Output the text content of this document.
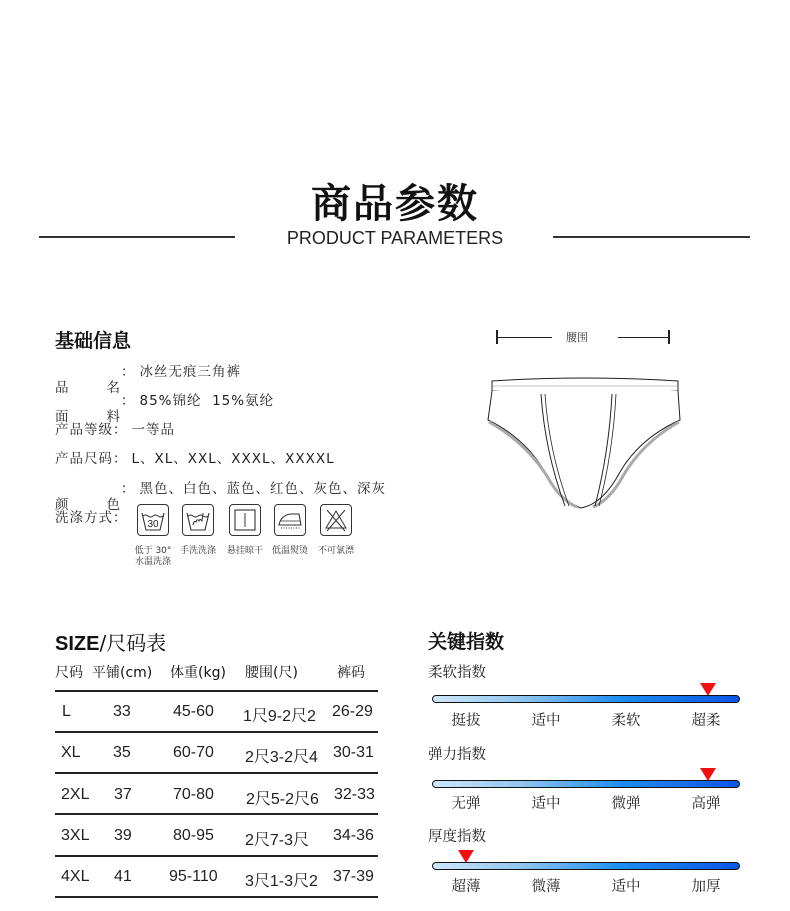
商品参数
PRODUCT PARAMETERS
基础信息
品	名
： 冰丝无痕三角裤
面	料
： 85%锦纶  15%氨纶
产品等级： 一等品
产品尺码： L、XL、XXL、XXXL、XXXXL
颜	色
： 黑色、白色、蓝色、红色、灰色、深灰
洗涤方式： 30
低于 30°
水温洗涤
手洗洗涤 悬挂晾干 低温熨烫 不可氯漂
腰围
SIZE/尺码表
尺码 平铺(cm) 体重(kg) 腰围(尺)	裤码
L	33	45-60 1尺9-2尺2 26-29
XL 35	60-70 2尺3-2尺4 30-31
2XL 37	70-80 2尺5-2尺6 32-33
3XL 39	80-95 2尺7-3尺 34-36
4XL 41 95-110 3尺1-3尺2 37-39
关键指数
柔软指数
挺拔	适中	柔软	超柔
弹力指数
无弹	适中	微弹	高弹
厚度指数
超薄	微薄	适中	加厚
